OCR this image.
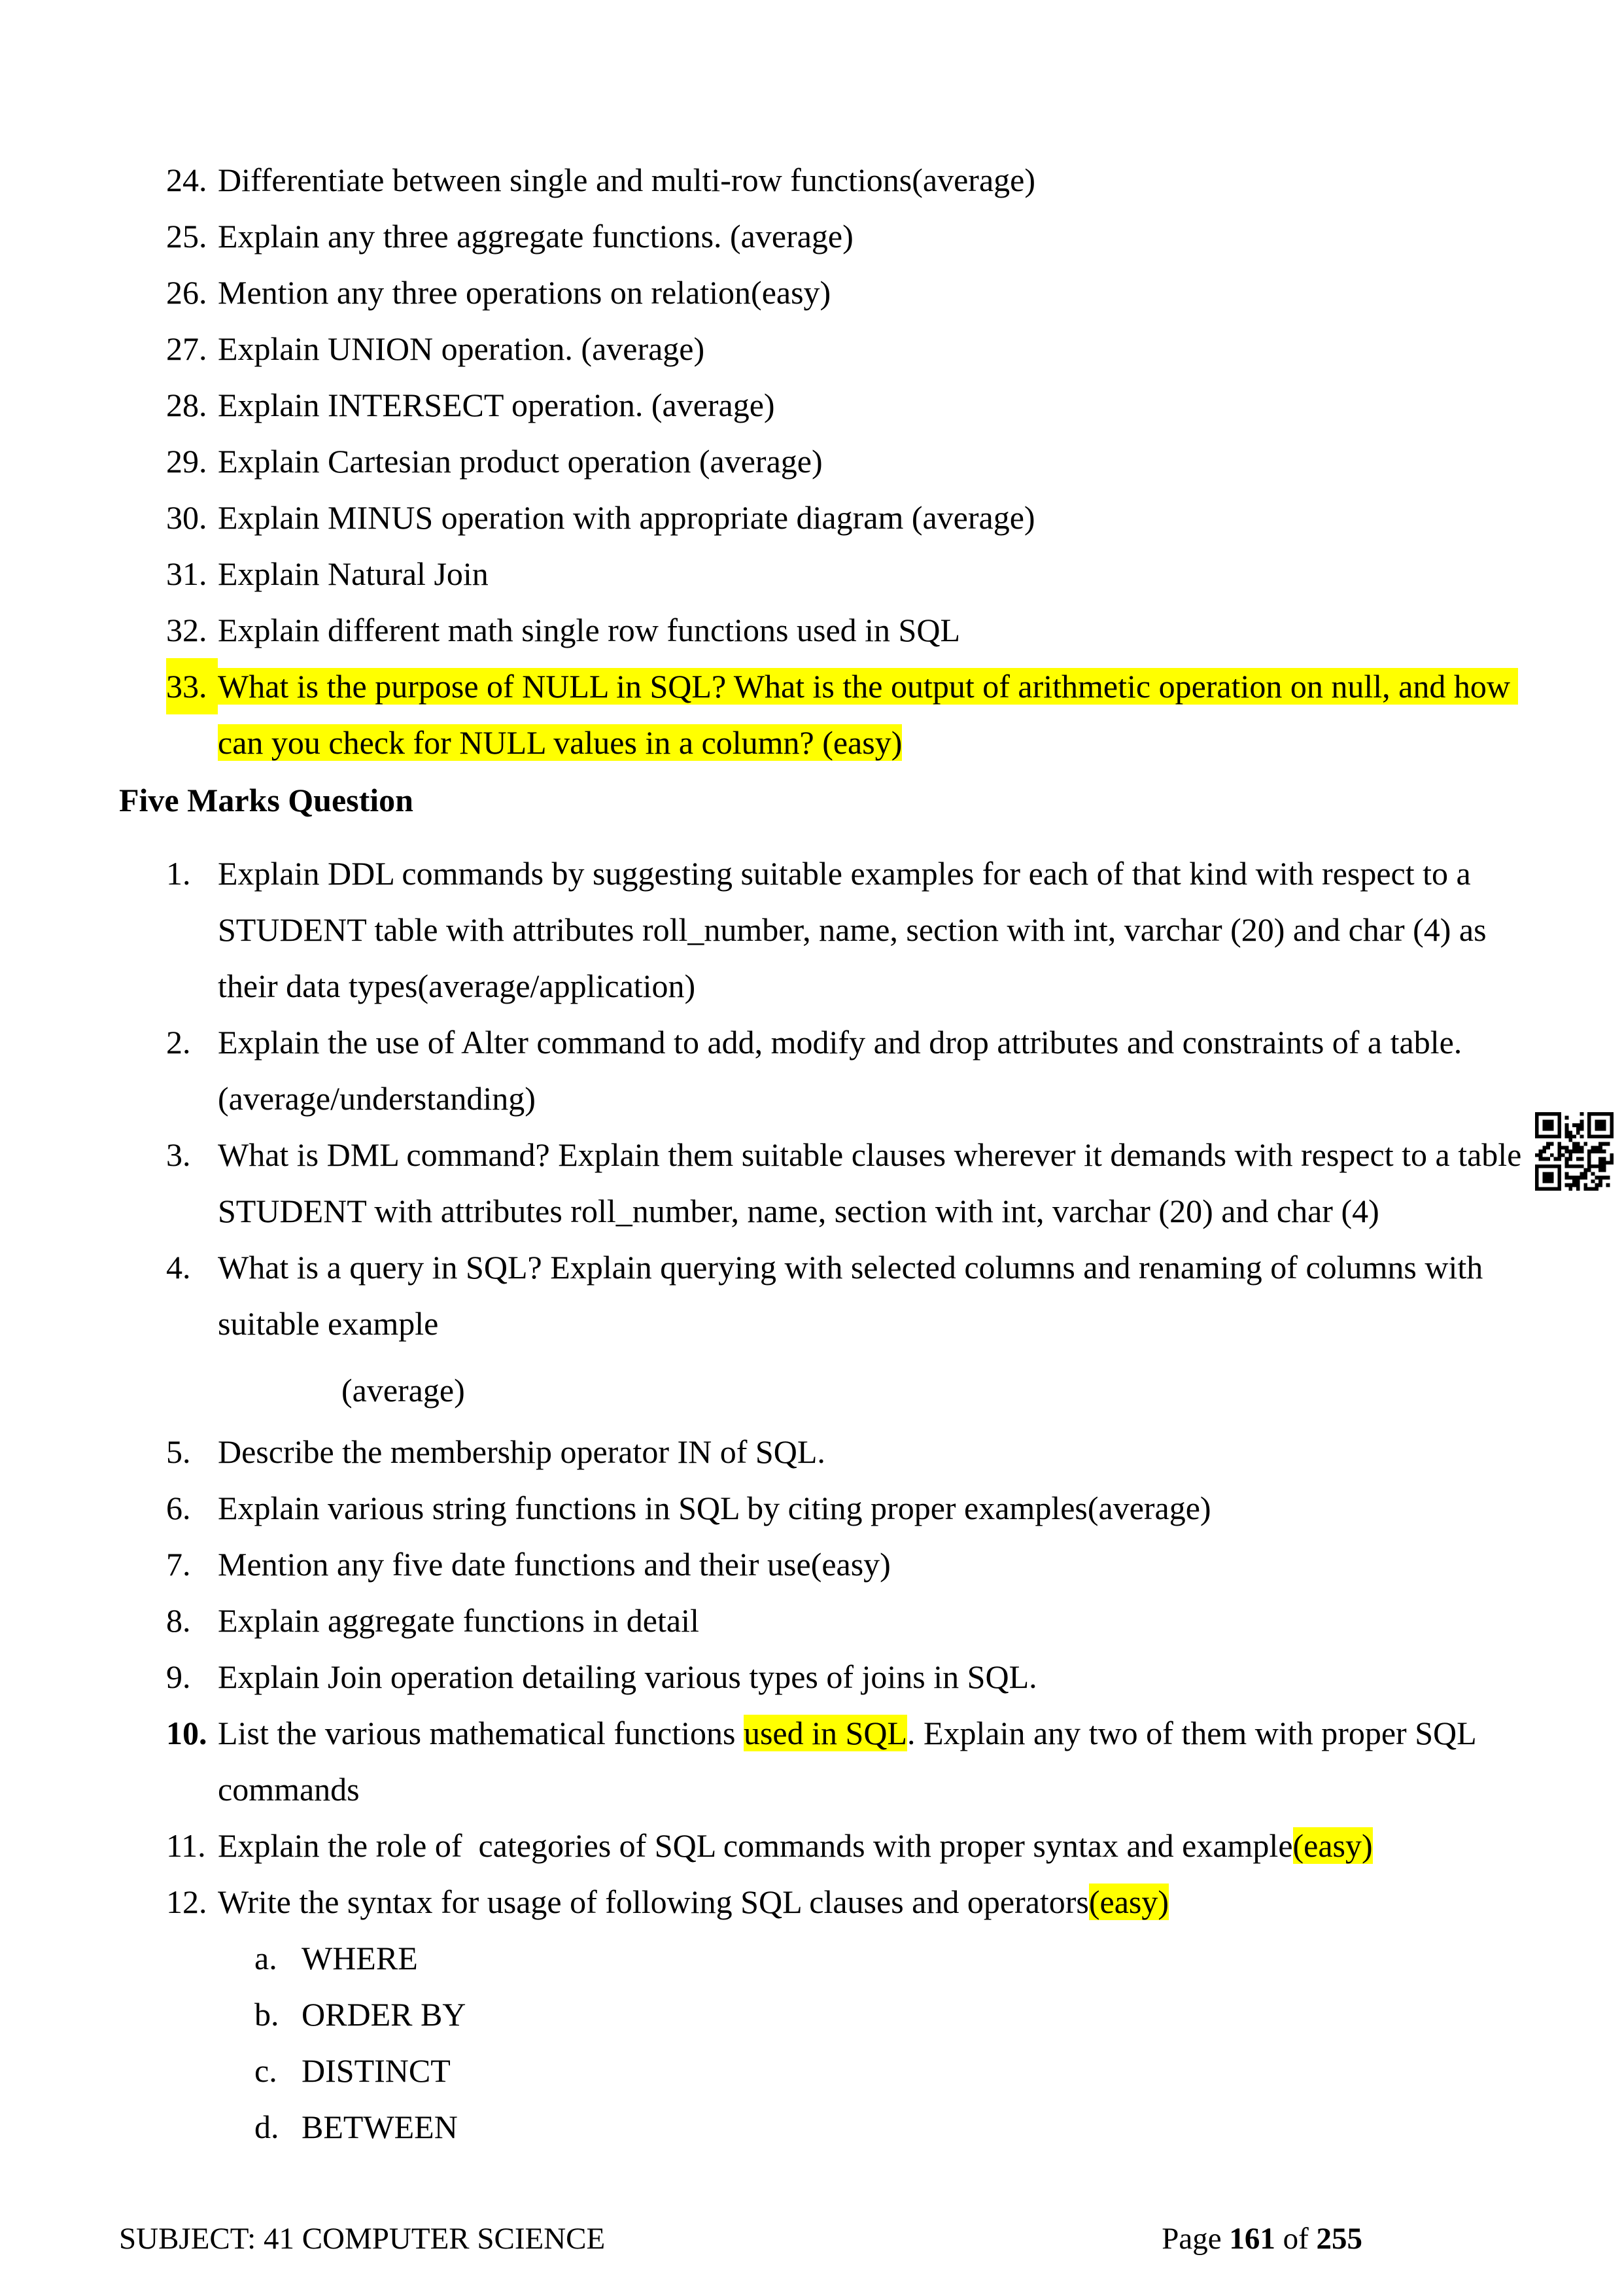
24. Differentiate between single and multi-row functions(average)
25. Explain any three aggregate functions. (average)
26. Mention any three operations on relation(easy)
27. Explain UNION operation. (average)
28. Explain INTERSECT operation. (average)
29. Explain Cartesian product operation (average)
30. Explain MINUS operation with appropriate diagram (average)
31. Explain Natural Join
32. Explain different math single row functions used in SQL
33. What is the purpose of NULL in SQL? What is the output of arithmetic operation on null, and how can you check for NULL values in a column? (easy)
Five Marks Question
1. Explain DDL commands by suggesting suitable examples for each of that kind with respect to a STUDENT table with attributes roll_number, name, section with int, varchar (20) and char (4) as their data types(average/application)
2. Explain the use of Alter command to add, modify and drop attributes and constraints of a table. (average/understanding)
3. What is DML command? Explain them suitable clauses wherever it demands with respect to a table STUDENT with attributes roll_number, name, section with int, varchar (20) and char (4)
4. What is a query in SQL? Explain querying with selected columns and renaming of columns with suitable example
(average)
5. Describe the membership operator IN of SQL.
6. Explain various string functions in SQL by citing proper examples(average)
7. Mention any five date functions and their use(easy)
8. Explain aggregate functions in detail
9. Explain Join operation detailing various types of joins in SQL.
10. List the various mathematical functions used in SQL. Explain any two of them with proper SQL commands
11. Explain the role of  categories of SQL commands with proper syntax and example(easy)
12. Write the syntax for usage of following SQL clauses and operators(easy)
a. WHERE
b. ORDER BY
c. DISTINCT
d. BETWEEN
SUBJECT: 41 COMPUTER SCIENCE	Page 161 of 255
